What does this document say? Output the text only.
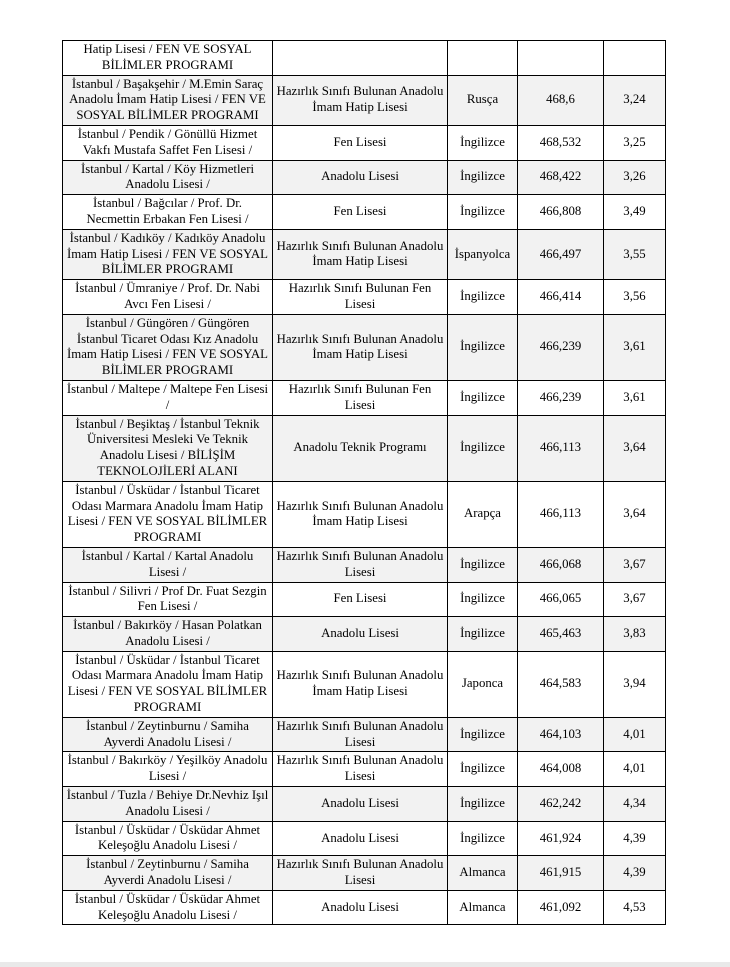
Hatip Lisesi / FEN VE SOSYAL BİLİMLER PROGRAMI				
İstanbul / Başakşehir / M.Emin Saraç Anadolu İmam Hatip Lisesi / FEN VE SOSYAL BİLİMLER PROGRAMI	Hazırlık Sınıfı Bulunan Anadolu İmam Hatip Lisesi	Rusça	468,6	3,24
İstanbul / Pendik / Gönüllü Hizmet Vakfı Mustafa Saffet Fen Lisesi /	Fen Lisesi	İngilizce	468,532	3,25
İstanbul / Kartal / Köy Hizmetleri Anadolu Lisesi /	Anadolu Lisesi	İngilizce	468,422	3,26
İstanbul / Bağcılar / Prof. Dr. Necmettin Erbakan Fen Lisesi /	Fen Lisesi	İngilizce	466,808	3,49
İstanbul / Kadıköy / Kadıköy Anadolu İmam Hatip Lisesi / FEN VE SOSYAL BİLİMLER PROGRAMI	Hazırlık Sınıfı Bulunan Anadolu İmam Hatip Lisesi	İspanyolca	466,497	3,55
İstanbul / Ümraniye / Prof. Dr. Nabi Avcı Fen Lisesi /	Hazırlık Sınıfı Bulunan Fen Lisesi	İngilizce	466,414	3,56
İstanbul / Güngören / Güngören İstanbul Ticaret Odası Kız Anadolu İmam Hatip Lisesi / FEN VE SOSYAL BİLİMLER PROGRAMI	Hazırlık Sınıfı Bulunan Anadolu İmam Hatip Lisesi	İngilizce	466,239	3,61
İstanbul / Maltepe / Maltepe Fen Lisesi /	Hazırlık Sınıfı Bulunan Fen Lisesi	İngilizce	466,239	3,61
İstanbul / Beşiktaş / İstanbul Teknik Üniversitesi Mesleki Ve Teknik Anadolu Lisesi / BİLİŞİM TEKNOLOJİLERİ ALANI	Anadolu Teknik Programı	İngilizce	466,113	3,64
İstanbul / Üsküdar / İstanbul Ticaret Odası Marmara Anadolu İmam Hatip Lisesi / FEN VE SOSYAL BİLİMLER PROGRAMI	Hazırlık Sınıfı Bulunan Anadolu İmam Hatip Lisesi	Arapça	466,113	3,64
İstanbul / Kartal / Kartal Anadolu Lisesi /	Hazırlık Sınıfı Bulunan Anadolu Lisesi	İngilizce	466,068	3,67
İstanbul / Silivri / Prof Dr. Fuat Sezgin Fen Lisesi /	Fen Lisesi	İngilizce	466,065	3,67
İstanbul / Bakırköy / Hasan Polatkan Anadolu Lisesi /	Anadolu Lisesi	İngilizce	465,463	3,83
İstanbul / Üsküdar / İstanbul Ticaret Odası Marmara Anadolu İmam Hatip Lisesi / FEN VE SOSYAL BİLİMLER PROGRAMI	Hazırlık Sınıfı Bulunan Anadolu İmam Hatip Lisesi	Japonca	464,583	3,94
İstanbul / Zeytinburnu / Samiha Ayverdi Anadolu Lisesi /	Hazırlık Sınıfı Bulunan Anadolu Lisesi	İngilizce	464,103	4,01
İstanbul / Bakırköy / Yeşilköy Anadolu Lisesi /	Hazırlık Sınıfı Bulunan Anadolu Lisesi	İngilizce	464,008	4,01
İstanbul / Tuzla / Behiye Dr.Nevhiz Işıl Anadolu Lisesi /	Anadolu Lisesi	İngilizce	462,242	4,34
İstanbul / Üsküdar / Üsküdar Ahmet Keleşoğlu Anadolu Lisesi /	Anadolu Lisesi	İngilizce	461,924	4,39
İstanbul / Zeytinburnu / Samiha Ayverdi Anadolu Lisesi /	Hazırlık Sınıfı Bulunan Anadolu Lisesi	Almanca	461,915	4,39
İstanbul / Üsküdar / Üsküdar Ahmet Keleşoğlu Anadolu Lisesi /	Anadolu Lisesi	Almanca	461,092	4,53
